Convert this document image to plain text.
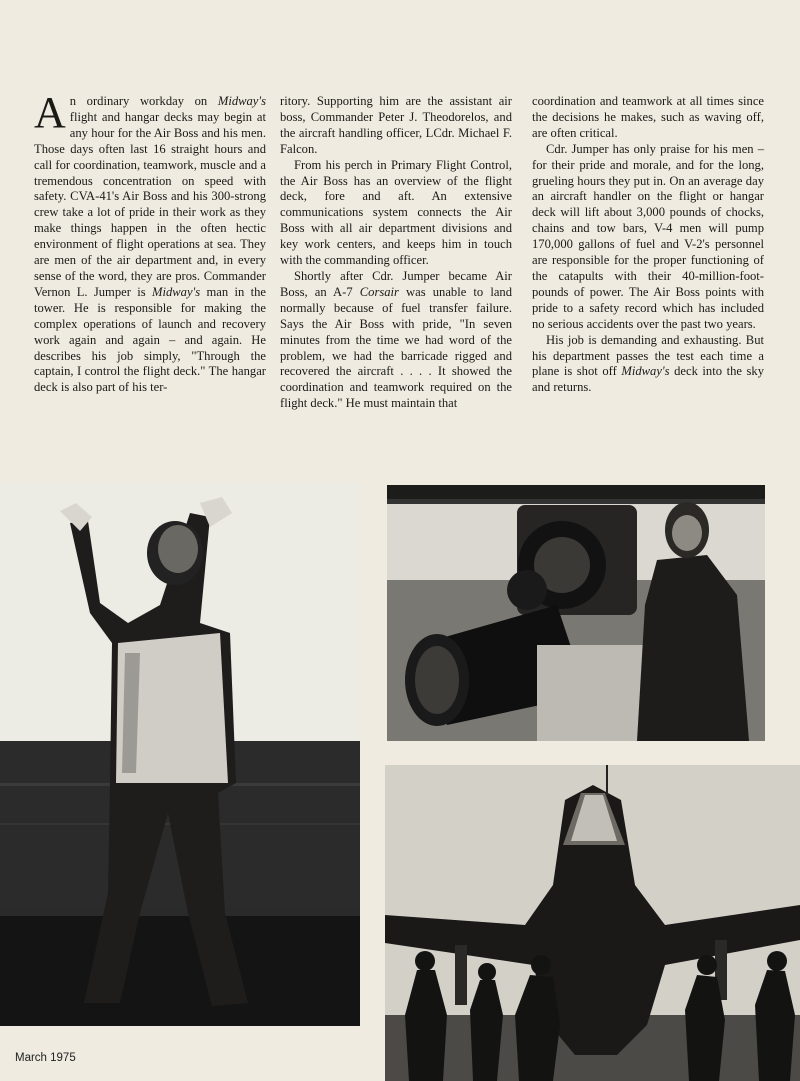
An ordinary workday on Midway's flight and hangar decks may begin at any hour for the Air Boss and his men. Those days often last 16 straight hours and call for coordination, teamwork, muscle and a tremendous concentration on speed with safety. CVA-41's Air Boss and his 300-strong crew take a lot of pride in their work as they make things happen in the often hectic environment of flight operations at sea. They are men of the air department and, in every sense of the word, they are pros. Commander Vernon L. Jumper is Midway's man in the tower. He is responsible for making the complex operations of launch and recovery work again and again – and again. He describes his job simply, "Through the captain, I control the flight deck." The hangar deck is also part of his ter-

ritory. Supporting him are the assistant air boss, Commander Peter J. Theodorelos, and the aircraft handling officer, LCdr. Michael F. Falcon.

From his perch in Primary Flight Control, the Air Boss has an overview of the flight deck, fore and aft. An extensive communications system connects the Air Boss with all air department divisions and key work centers, and keeps him in touch with the commanding officer.

Shortly after Cdr. Jumper became Air Boss, an A-7 Corsair was unable to land normally because of fuel transfer failure. Says the Air Boss with pride, "In seven minutes from the time we had word of the problem, we had the barricade rigged and recovered the aircraft . . . . It showed the coordination and teamwork required on the flight deck." He must maintain that

coordination and teamwork at all times since the decisions he makes, such as waving off, are often critical.

Cdr. Jumper has only praise for his men – for their pride and morale, and for the long, grueling hours they put in. On an average day an aircraft handler on the flight or hangar deck will lift about 3,000 pounds of chocks, chains and tow bars, V-4 men will pump 170,000 gallons of fuel and V-2's personnel are responsible for the proper functioning of the catapults with their 40-million-foot-pounds of power. The Air Boss points with pride to a safety record which has included no serious accidents over the past two years.

His job is demanding and exhausting. But his department passes the test each time a plane is shot off Midway's deck into the sky and returns.

March 1975
